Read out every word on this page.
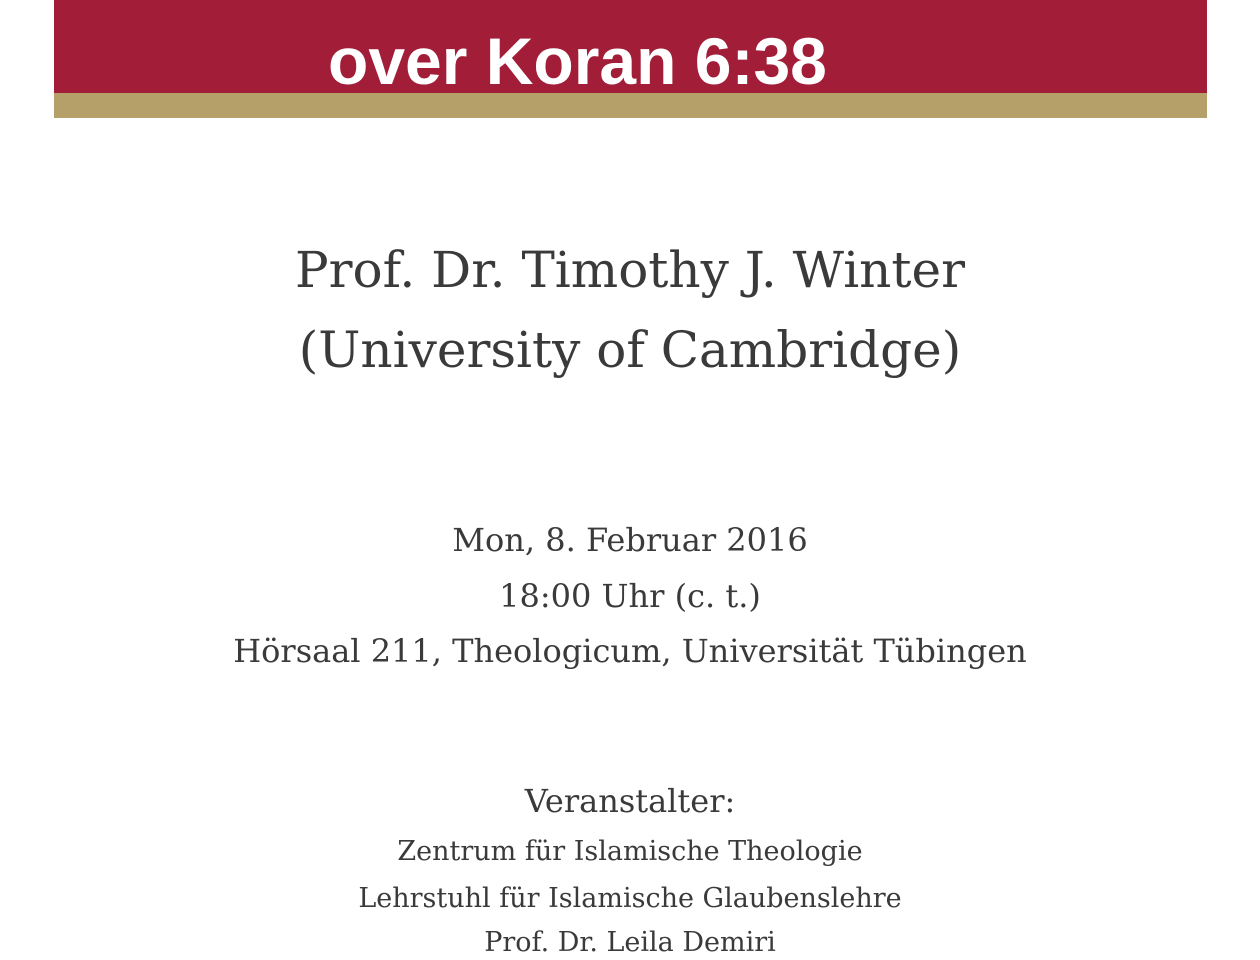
over Koran 6:38

Prof. Dr. Timothy J. Winter

(University of Cambridge)

Mon, 8. Februar 2016

18:00 Uhr (c. t.)

Hörsaal 211, Theologicum, Universität Tübingen

Veranstalter:

Zentrum für Islamische Theologie

Lehrstuhl für Islamische Glaubenslehre

Prof. Dr. Leila Demiri
